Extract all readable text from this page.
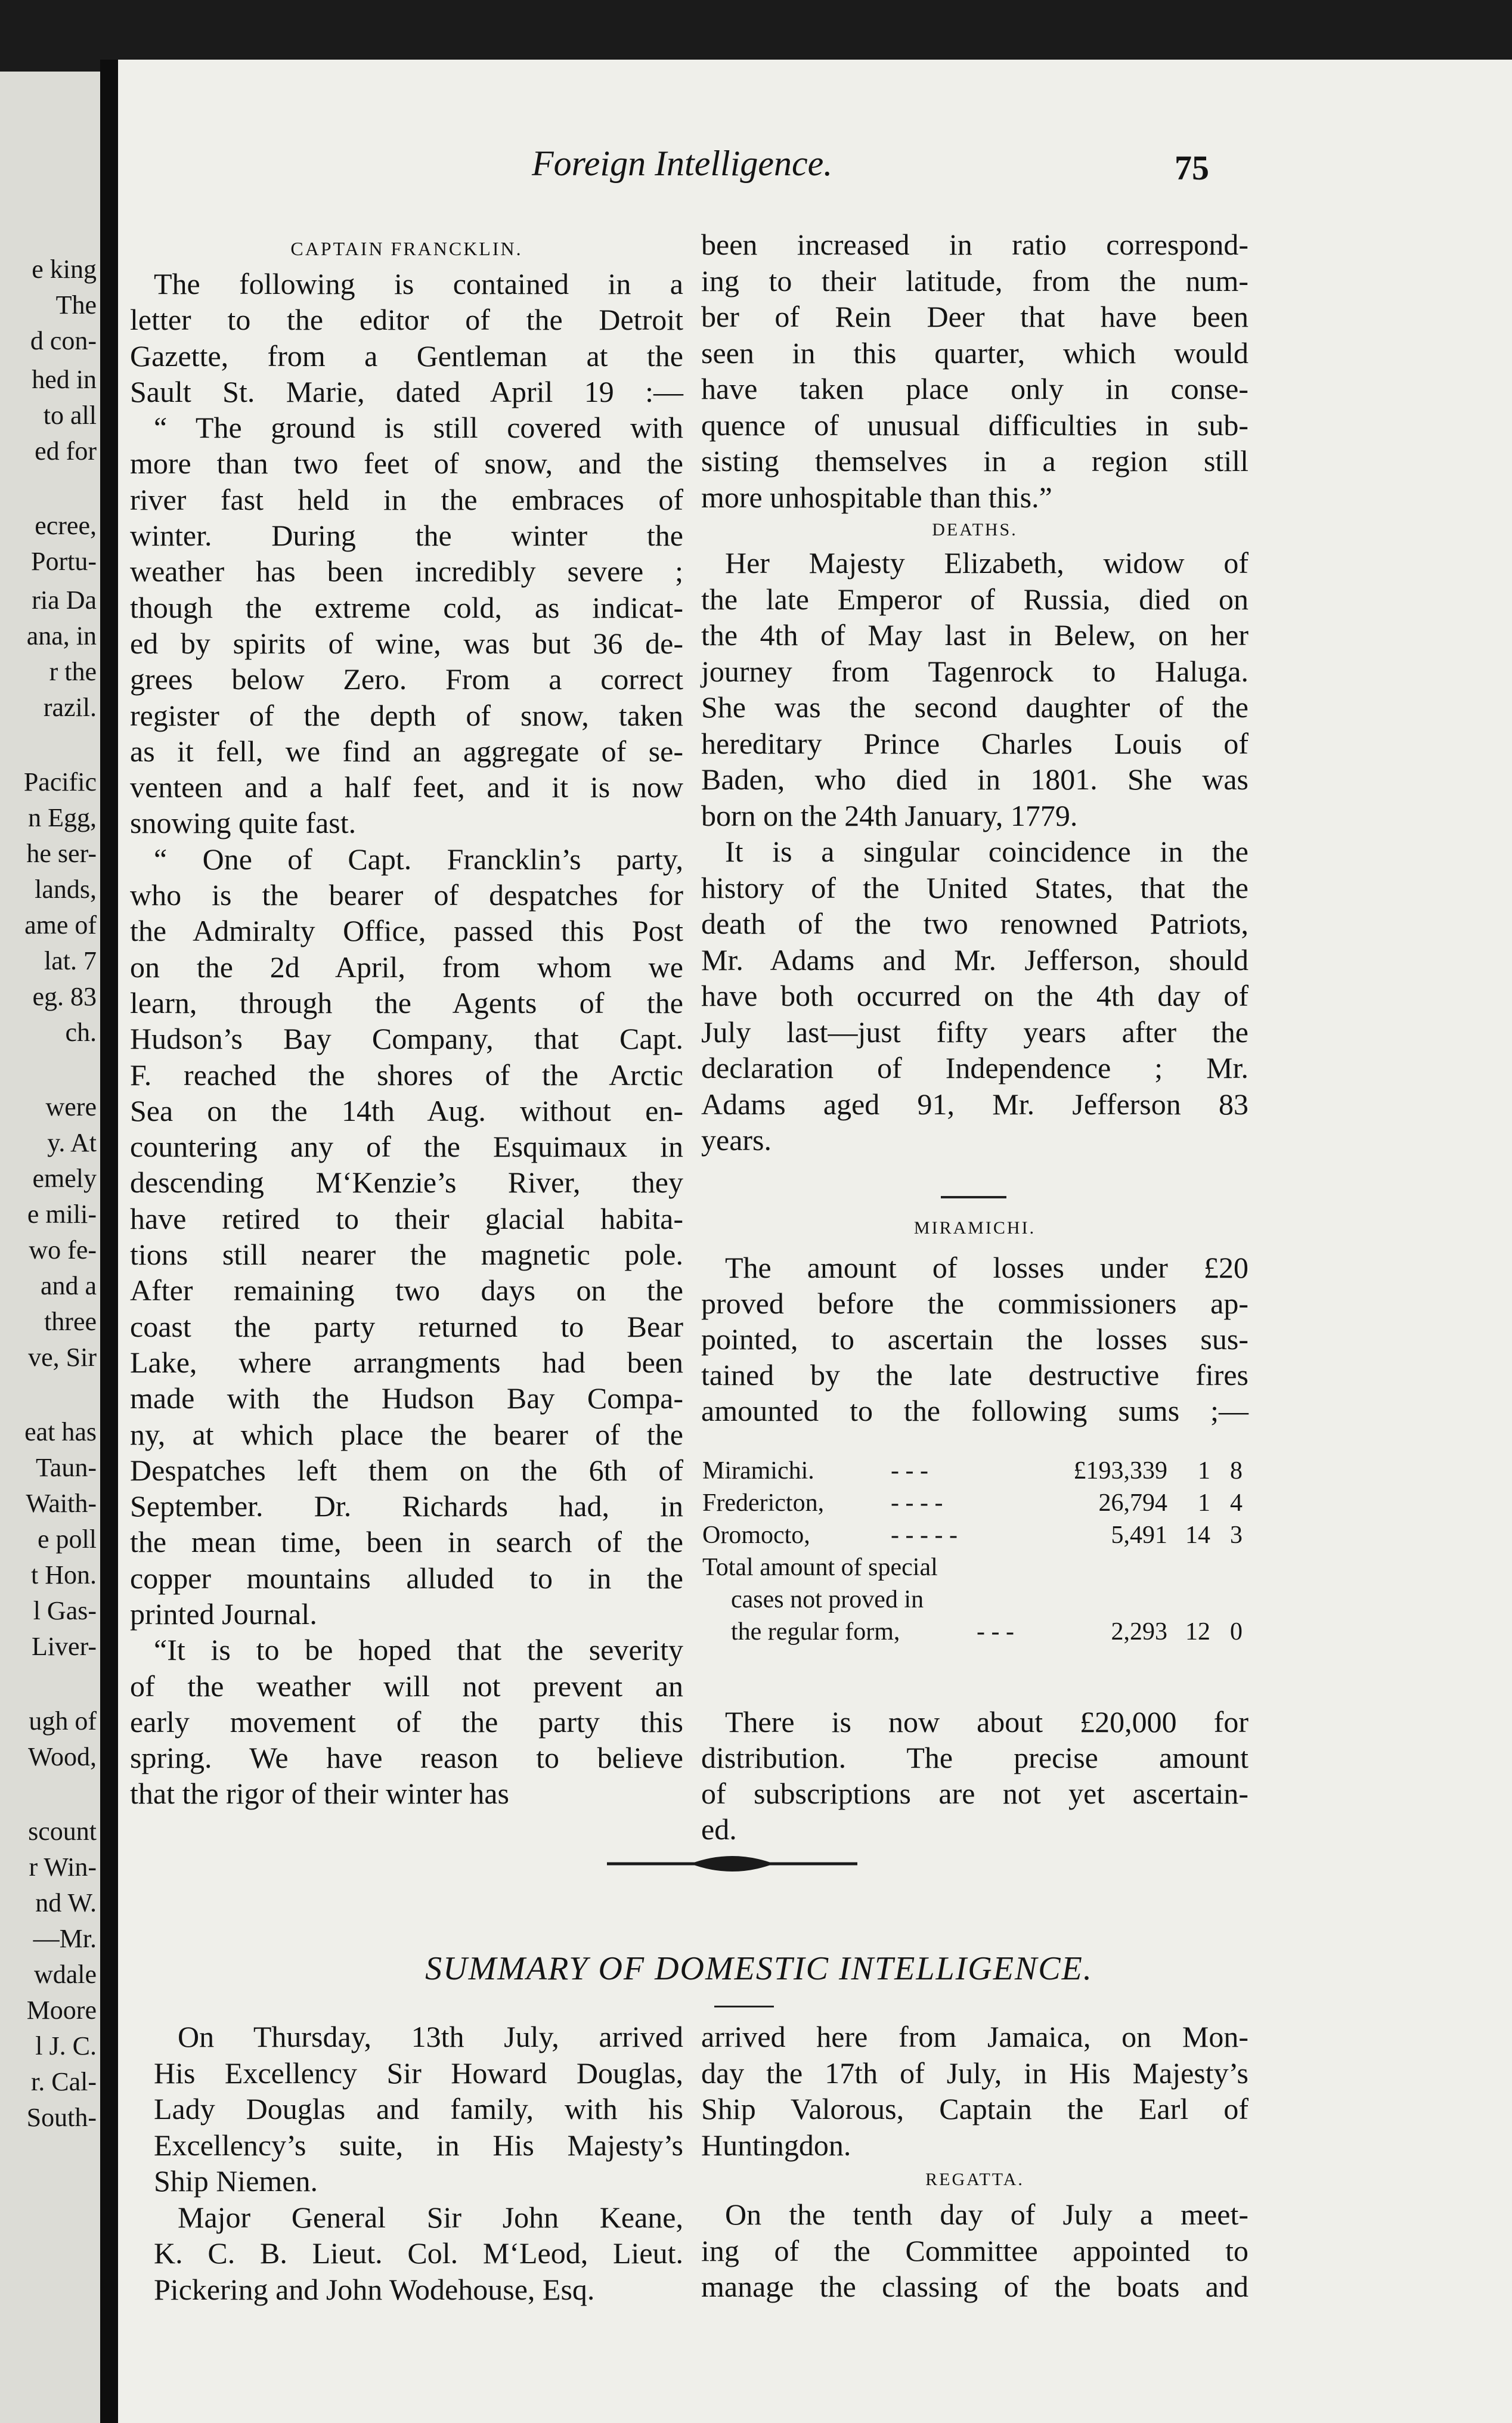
e king
The
d con-
hed in
to all
ed for
ecree,
Portu-
ria Da
ana, in
r the
razil.
Pacific
n Egg,
he ser-
lands,
ame of
lat. 7
eg. 83
ch.
were
y. At
emely
e mili-
wo fe-
and a
three
ve, Sir
eat has
Taun-
Waith-
e poll
t Hon.
l Gas-
Liver-
ugh of
Wood,
scount
r Win-
nd W.
—Mr.
wdale
Moore
l J. C.
r. Cal-
South-
Foreign Intelligence.	75
CAPTAIN FRANCKLIN.
The following is contained in a
letter to the editor of the Detroit
Gazette, from a Gentleman at the
Sault St. Marie, dated April 19 :—
“ The ground is still covered with
more than two feet of snow, and the
river fast held in the embraces of
winter. During the winter the
weather has been incredibly severe ;
though the extreme cold, as indicat-
ed by spirits of wine, was but 36 de-
grees below Zero. From a correct
register of the depth of snow, taken
as it fell, we find an aggregate of se-
venteen and a half feet, and it is now
snowing quite fast.
“ One of Capt. Francklin’s party,
who is the bearer of despatches for
the Admiralty Office, passed this Post
on the 2d April, from whom we
learn, through the Agents of the
Hudson’s Bay Company, that Capt.
F. reached the shores of the Arctic
Sea on the 14th Aug. without en-
countering any of the Esquimaux in
descending M‘Kenzie’s River, they
have retired to their glacial habita-
tions still nearer the magnetic pole.
After remaining two days on the
coast the party returned to Bear
Lake, where arrangments had been
made with the Hudson Bay Compa-
ny, at which place the bearer of the
Despatches left them on the 6th of
September. Dr. Richards had, in
the mean time, been in search of the
copper mountains alluded to in the
printed Journal.
“It is to be hoped that the severity
of the weather will not prevent an
early movement of the party this
spring. We have reason to believe
that the rigor of their winter has
been increased in ratio correspond-
ing to their latitude, from the num-
ber of Rein Deer that have been
seen in this quarter, which would
have taken place only in conse-
quence of unusual difficulties in sub-
sisting themselves in a region still
more unhospitable than this.”
DEATHS.
Her Majesty Elizabeth, widow of
the late Emperor of Russia, died on
the 4th of May last in Belew, on her
journey from Tagenrock to Haluga.
She was the second daughter of the
hereditary Prince Charles Louis of
Baden, who died in 1801. She was
born on the 24th January, 1779.
It is a singular coincidence in the
history of the United States, that the
death of the two renowned Patriots,
Mr. Adams and Mr. Jefferson, should
have both occurred on the 4th day of
July last—just fifty years after the
declaration of Independence ; Mr.
Adams aged 91, Mr. Jefferson 83
years.
MIRAMICHI.
The amount of losses under £20
proved before the commissioners ap-
pointed, to ascertain the losses sus-
tained by the late destructive fires
amounted to the following sums ;—
Miramichi.	- - -	£193,339	1 8
Fredericton,	- - - -	26,794	1 4
Oromocto,	- - - - -	5,491 14 3
Total amount of special
cases not proved in
the regular form,	- - -	2,293 12 0
There is now about £20,000 for
distribution. The precise amount
of subscriptions are not yet ascertain-
ed.
SUMMARY OF DOMESTIC INTELLIGENCE.
On Thursday, 13th July, arrived
His Excellency Sir Howard Douglas,
Lady Douglas and family, with his
Excellency’s suite, in His Majesty’s
Ship Niemen.
Major General Sir John Keane,
K. C. B. Lieut. Col. M‘Leod, Lieut.
Pickering and John Wodehouse, Esq.
arrived here from Jamaica, on Mon-
day the 17th of July, in His Majesty’s
Ship Valorous, Captain the Earl of
Huntingdon.
REGATTA.
On the tenth day of July a meet-
ing of the Committee appointed to
manage the classing of the boats and
